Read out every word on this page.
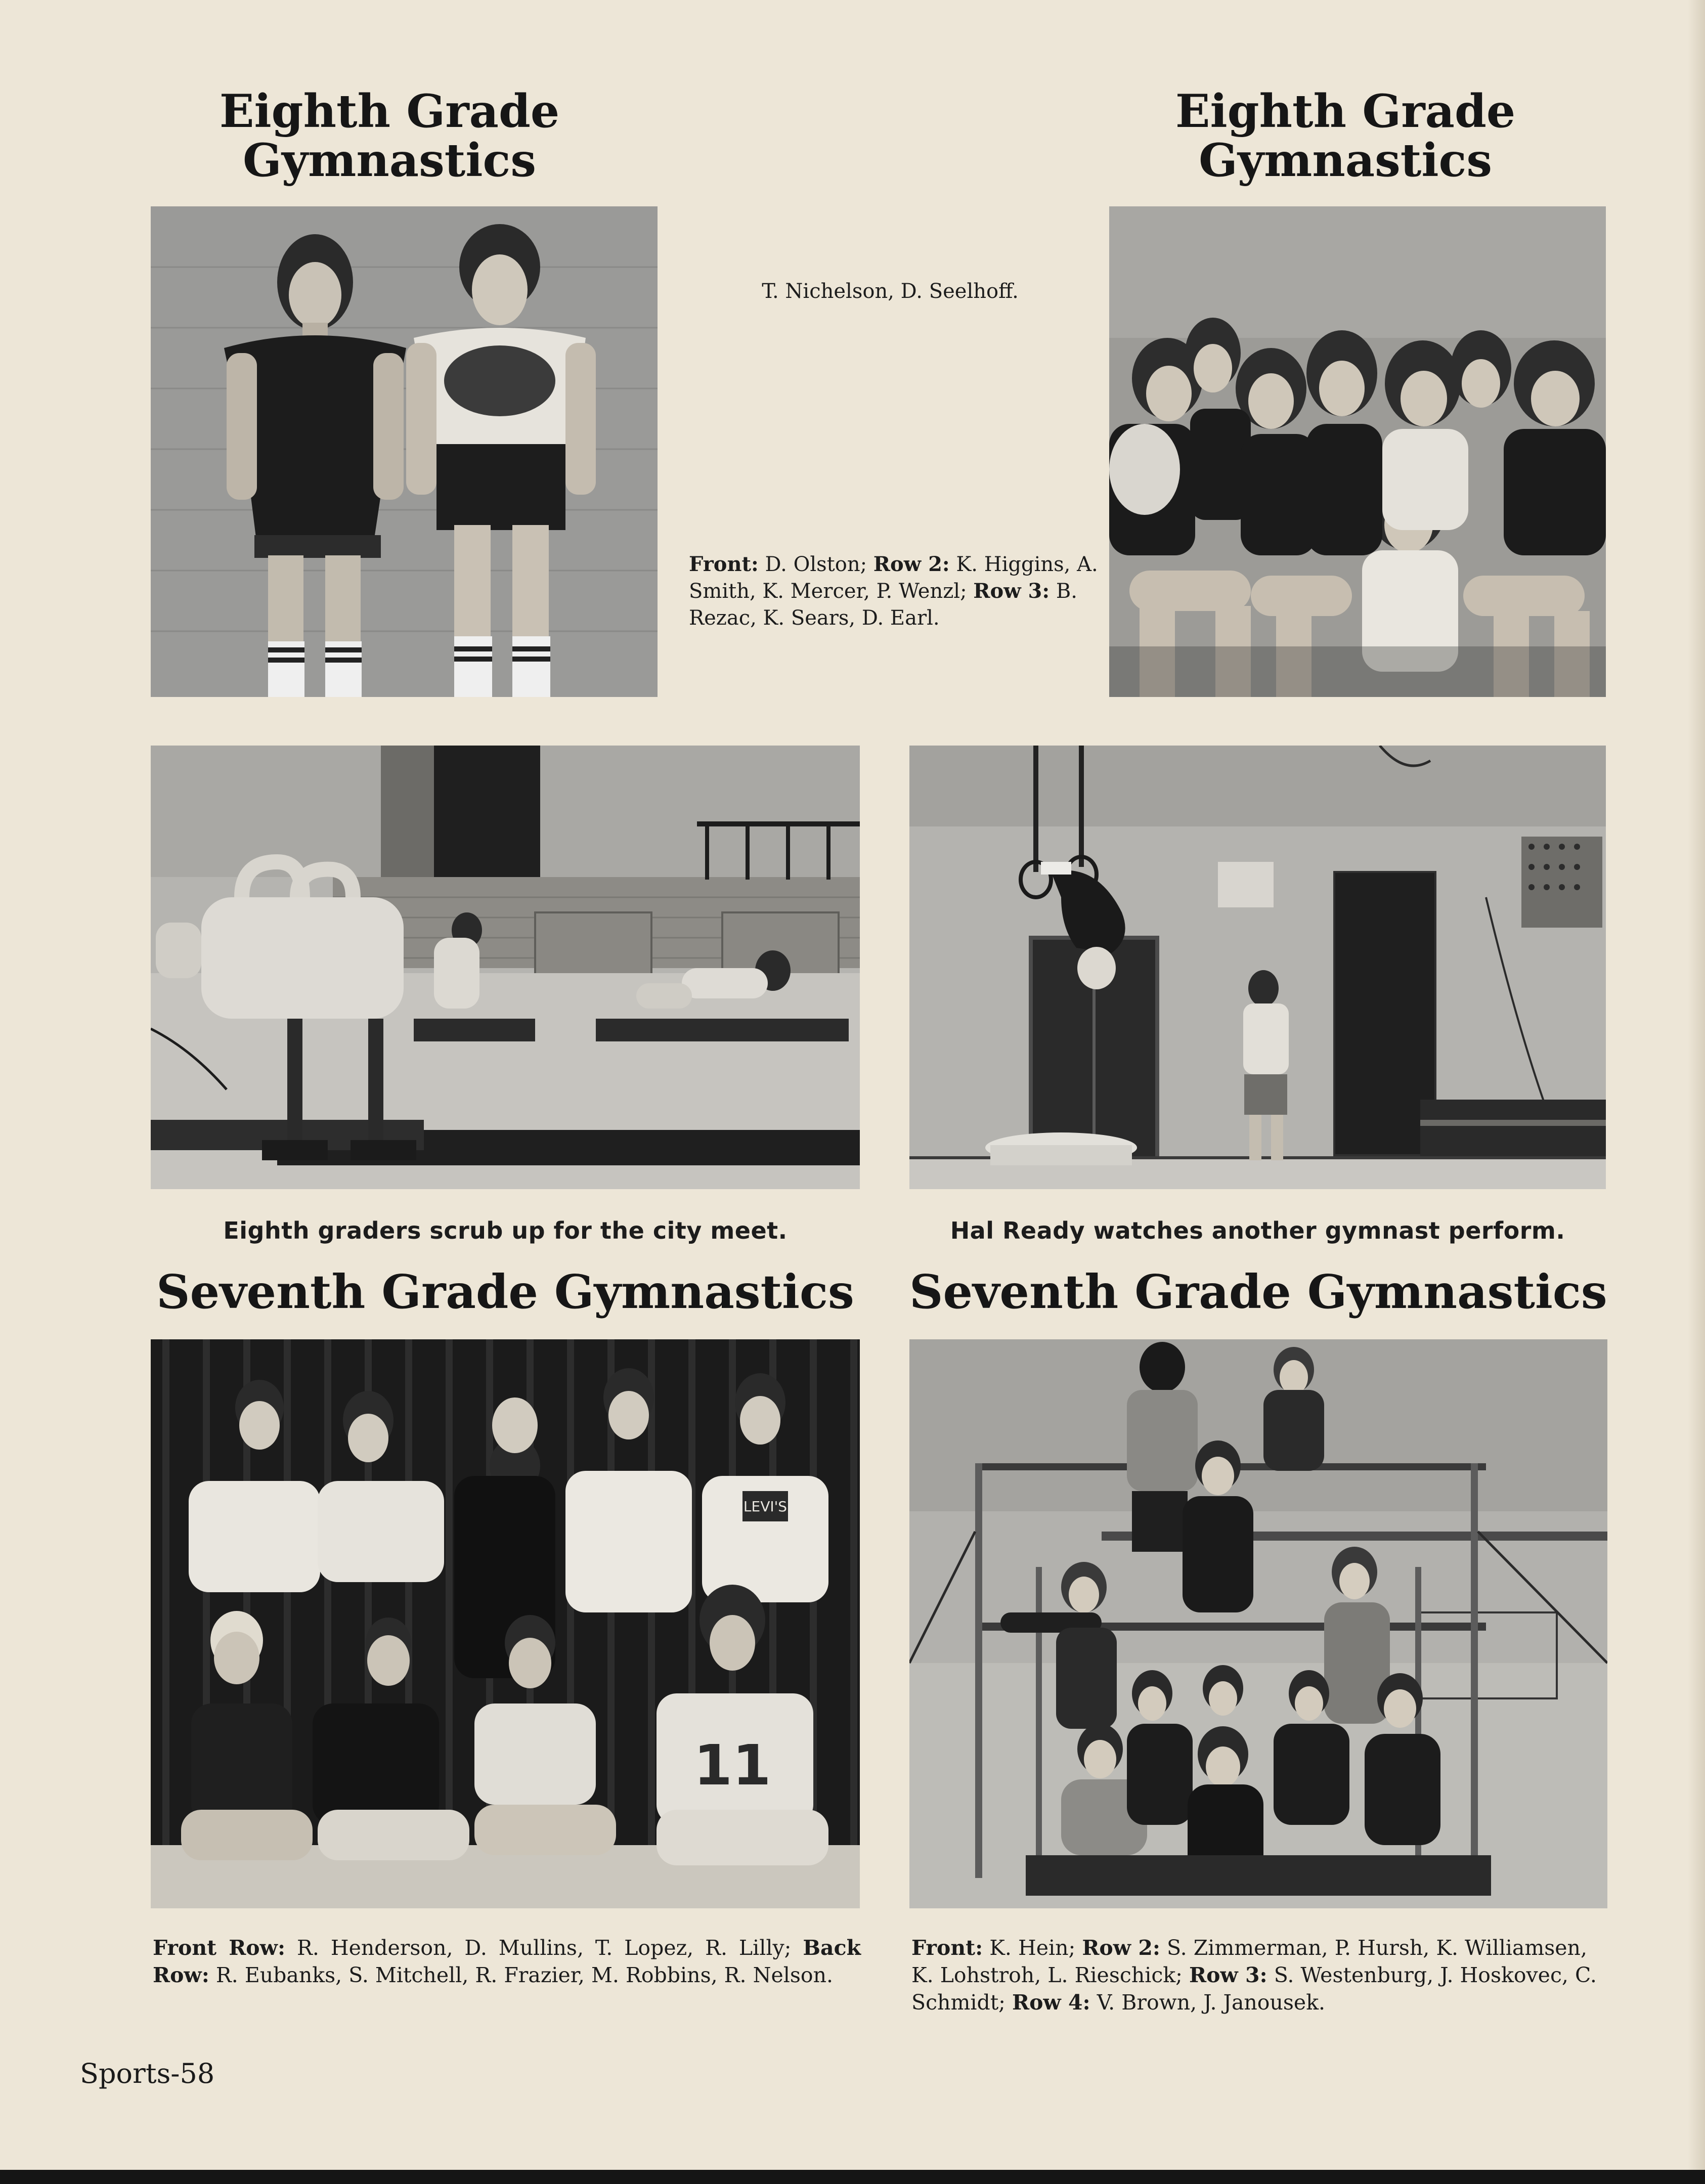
Eighth Grade
Gymnastics
Eighth Grade
Gymnastics
T. Nichelson, D. Seelhoff.
Front: D. Olston; Row 2: K. Higgins, A. Smith, K. Mercer, P. Wenzl; Row 3: B. Rezac, K. Sears, D. Earl.
Eighth graders scrub up for the city meet.	Hal Ready watches another gymnast perform.
Seventh Grade Gymnastics Seventh Grade Gymnastics
LEVI'S
11
Front Row: R. Henderson, D. Mullins, T. Lopez, R. Lilly; Back Row: R. Eubanks, S. Mitchell, R. Frazier, M. Robbins, R. Nelson.
Front: K. Hein; Row 2: S. Zimmerman, P. Hursh, K. Williamsen, K. Lohstroh, L. Rieschick; Row 3: S. Westenburg, J. Hoskovec, C. Schmidt; Row 4: V. Brown, J. Janousek.
Sports-58
